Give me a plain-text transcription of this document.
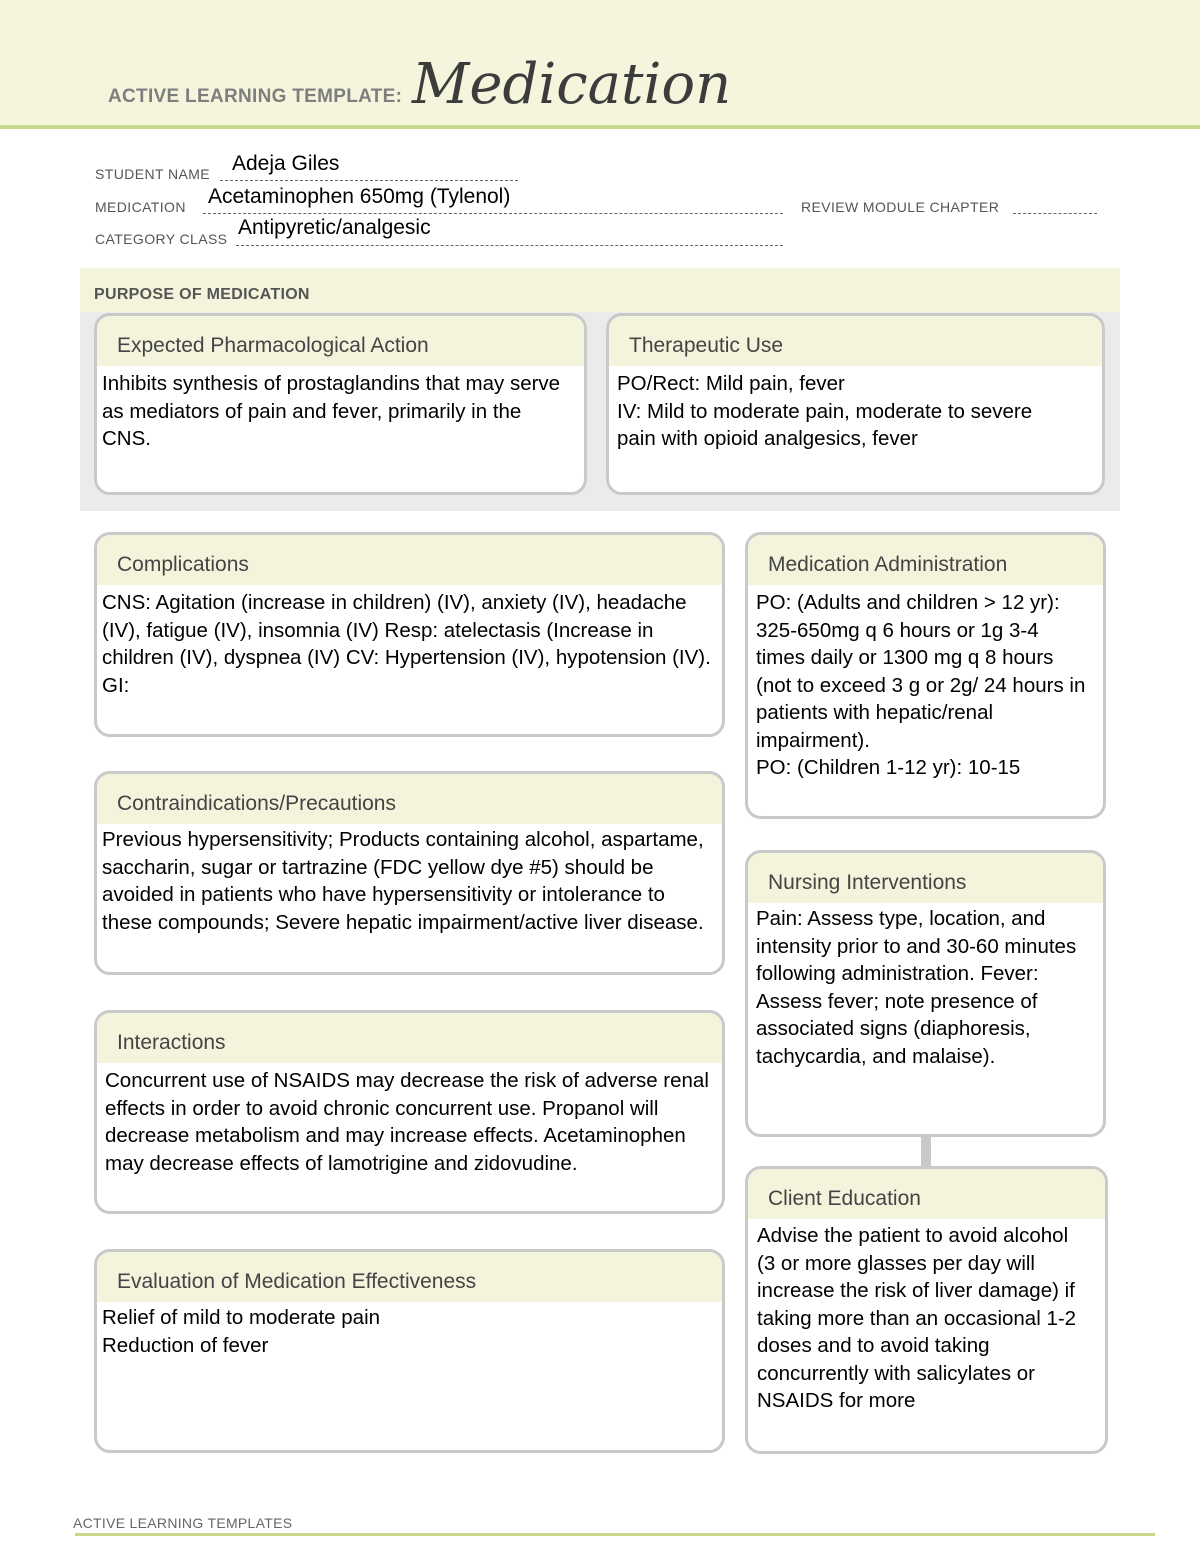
ACTIVE LEARNING TEMPLATE: Medication
STUDENT NAME Adeja Giles
MEDICATION Acetaminophen 650mg (Tylenol)	REVIEW MODULE CHAPTER
CATEGORY CLASS Antipyretic/analgesic
PURPOSE OF MEDICATION
Expected Pharmacological Action
Inhibits synthesis of prostaglandins that may serve as mediators of pain and fever, primarily in the CNS.
Therapeutic Use
PO/Rect: Mild pain, fever
IV: Mild to moderate pain, moderate to severe pain with opioid analgesics, fever
Complications
CNS: Agitation (increase in children) (IV), anxiety (IV), headache (IV), fatigue (IV), insomnia (IV) Resp: atelectasis (Increase in children (IV), dyspnea (IV) CV: Hypertension (IV), hypotension (IV). GI:
Contraindications/Precautions
Previous hypersensitivity; Products containing alcohol, aspartame, saccharin, sugar or tartrazine (FDC yellow dye #5) should be avoided in patients who have hypersensitivity or intolerance to these compounds; Severe hepatic impairment/active liver disease.
Interactions
Concurrent use of NSAIDS may decrease the risk of adverse renal effects in order to avoid chronic concurrent use. Propanol will decrease metabolism and may increase effects. Acetaminophen may decrease effects of lamotrigine and zidovudine.
Evaluation of Medication Effectiveness
Relief of mild to moderate pain
Reduction of fever
Medication Administration
PO: (Adults and children > 12 yr): 325-650mg q 6 hours or 1g 3-4 times daily or 1300 mg q 8 hours (not to exceed 3 g or 2g/ 24 hours in patients with hepatic/renal impairment).
PO: (Children 1-12 yr): 10-15
Nursing Interventions
Pain: Assess type, location, and intensity prior to and 30-60 minutes following administration. Fever: Assess fever; note presence of associated signs (diaphoresis, tachycardia, and malaise).
Client Education
Advise the patient to avoid alcohol (3 or more glasses per day will increase the risk of liver damage) if taking more than an occasional 1-2 doses and to avoid taking concurrently with salicylates or NSAIDS for more
ACTIVE LEARNING TEMPLATES
